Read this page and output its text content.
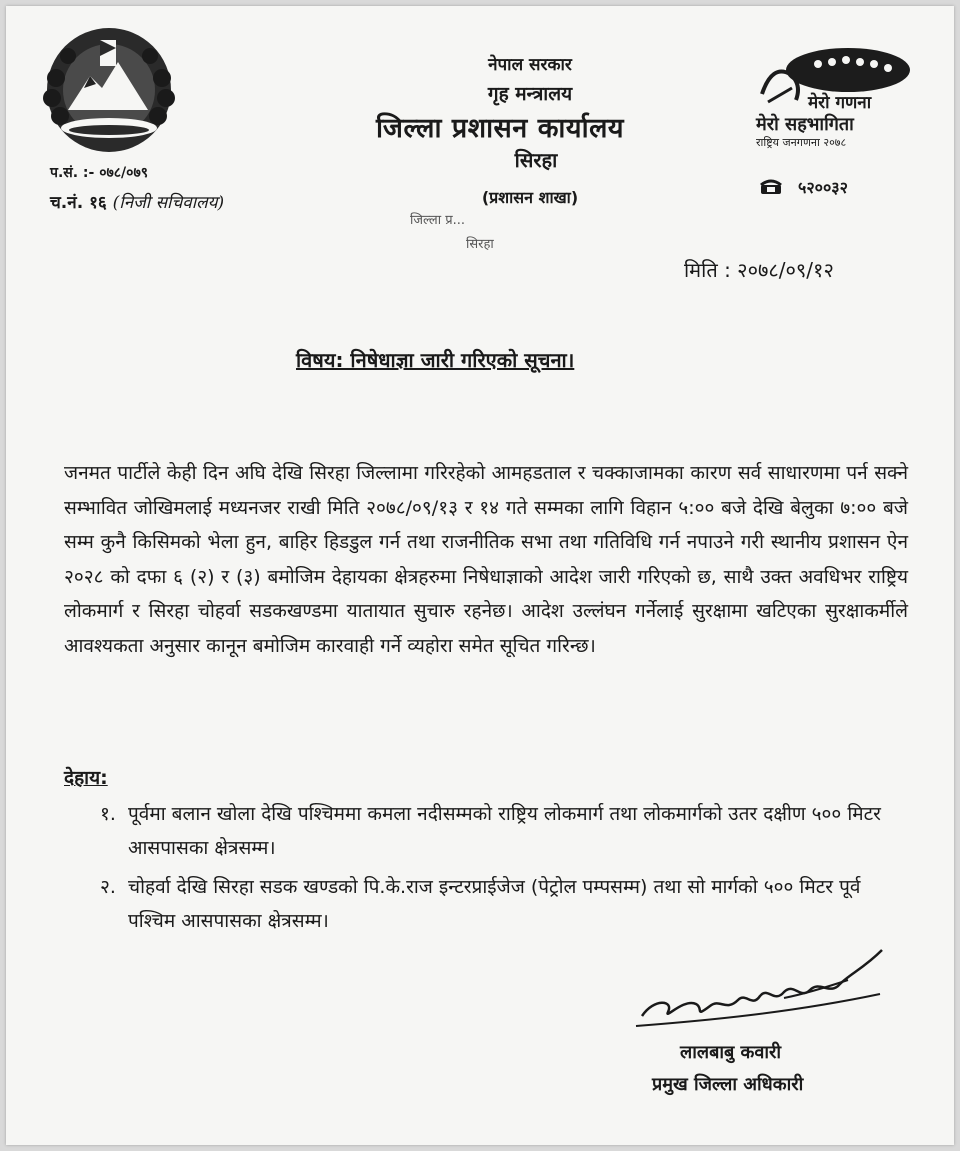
नेपाल सरकार
गृह मन्त्रालय
जिल्ला प्रशासन कार्यालय
सिरहा
(प्रशासन शाखा)
जिल्ला प्र...
सिरहा
प.सं. :- ०७८/०७९
च.नं. १६ (निजी सचिवालय)
मेरो गणना
मेरो सहभागिता
राष्ट्रिय जनगणना २०७८
५२००३२
मिति : २०७८/०९/१२
विषय: निषेधाज्ञा जारी गरिएको सूचना।
जनमत पार्टीले केही दिन अघि देखि सिरहा जिल्लामा गरिरहेको आमहडताल र चक्काजामका कारण सर्व साधारणमा पर्न सक्ने सम्भावित जोखिमलाई मध्यनजर राखी मिति २०७८/०९/१३ र १४ गते सम्मका लागि विहान ५:०० बजे देखि बेलुका ७:०० बजे सम्म कुनै किसिमको भेला हुन, बाहिर हिडडुल गर्न तथा राजनीतिक सभा तथा गतिविधि गर्न नपाउने गरी स्थानीय प्रशासन ऐन २०२८ को दफा ६ (२) र (३) बमोजिम देहायका क्षेत्रहरुमा निषेधाज्ञाको आदेश जारी गरिएको छ, साथै उक्त अवधिभर राष्ट्रिय लोकमार्ग र सिरहा चोहर्वा सडकखण्डमा यातायात सुचारु रहनेछ। आदेश उल्लंघन गर्नेलाई सुरक्षामा खटिएका सुरक्षाकर्मीले आवश्यकता अनुसार कानून बमोजिम कारवाही गर्ने व्यहोरा समेत सूचित गरिन्छ।
देहाय:
१. पूर्वमा बलान खोला देखि पश्चिममा कमला नदीसम्मको राष्ट्रिय लोकमार्ग तथा लोकमार्गको उतर दक्षीण ५०० मिटर आसपासका क्षेत्रसम्म।
२. चोहर्वा देखि सिरहा सडक खण्डको पि.के.राज इन्टरप्राईजेज (पेट्रोल पम्पसम्म) तथा सो मार्गको ५०० मिटर पूर्व पश्चिम आसपासका क्षेत्रसम्म।
लालबाबु कवारी
प्रमुख जिल्ला अधिकारी
